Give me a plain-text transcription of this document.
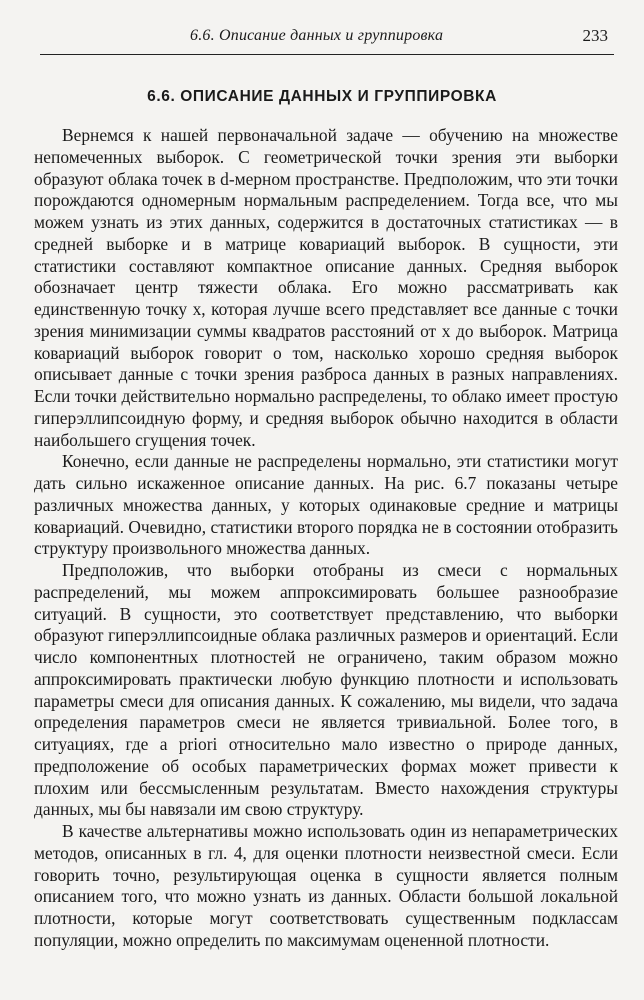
6.6. Описание данных и группировка	233
6.6. ОПИСАНИЕ ДАННЫХ И ГРУППИРОВКА

Вернемся к нашей первоначальной задаче — обучению на множестве непомеченных выборок. С геометрической точки зрения эти выборки образуют облака точек в d-мерном пространстве. Предположим, что эти точки порождаются одномерным нормальным распределением. Тогда все, что мы можем узнать из этих данных, содержится в достаточных статистиках — в средней выборке и в матрице ковариаций выборок. В сущности, эти статистики составляют компактное описание данных. Средняя выборок обозначает центр тяжести облака. Его можно рассматривать как единственную точку x, которая лучше всего представляет все данные с точки зрения минимизации суммы квадратов расстояний от x до выборок. Матрица ковариаций выборок говорит о том, насколько хорошо средняя выборок описывает данные с точки зрения разброса данных в разных направлениях. Если точки действительно нормально распределены, то облако имеет простую гиперэллипсоидную форму, и средняя выборок обычно находится в области наибольшего сгущения точек.

Конечно, если данные не распределены нормально, эти статистики могут дать сильно искаженное описание данных. На рис. 6.7 показаны четыре различных множества данных, у которых одинаковые средние и матрицы ковариаций. Очевидно, статистики второго порядка не в состоянии отобразить структуру произвольного множества данных.

Предположив, что выборки отобраны из смеси c нормальных распределений, мы можем аппроксимировать большее разнообразие ситуаций. В сущности, это соответствует представлению, что выборки образуют гиперэллипсоидные облака различных размеров и ориентаций. Если число компонентных плотностей не ограничено, таким образом можно аппроксимировать практически любую функцию плотности и использовать параметры смеси для описания данных. К сожалению, мы видели, что задача определения параметров смеси не является тривиальной. Более того, в ситуациях, где a priori относительно мало известно о природе данных, предположение об особых параметрических формах может привести к плохим или бессмысленным результатам. Вместо нахождения структуры данных, мы бы навязали им свою структуру.

В качестве альтернативы можно использовать один из непараметрических методов, описанных в гл. 4, для оценки плотности неизвестной смеси. Если говорить точно, результирующая оценка в сущности является полным описанием того, что можно узнать из данных. Области большой локальной плотности, которые могут соответствовать существенным подклассам популяции, можно определить по максимумам оцененной плотности.
